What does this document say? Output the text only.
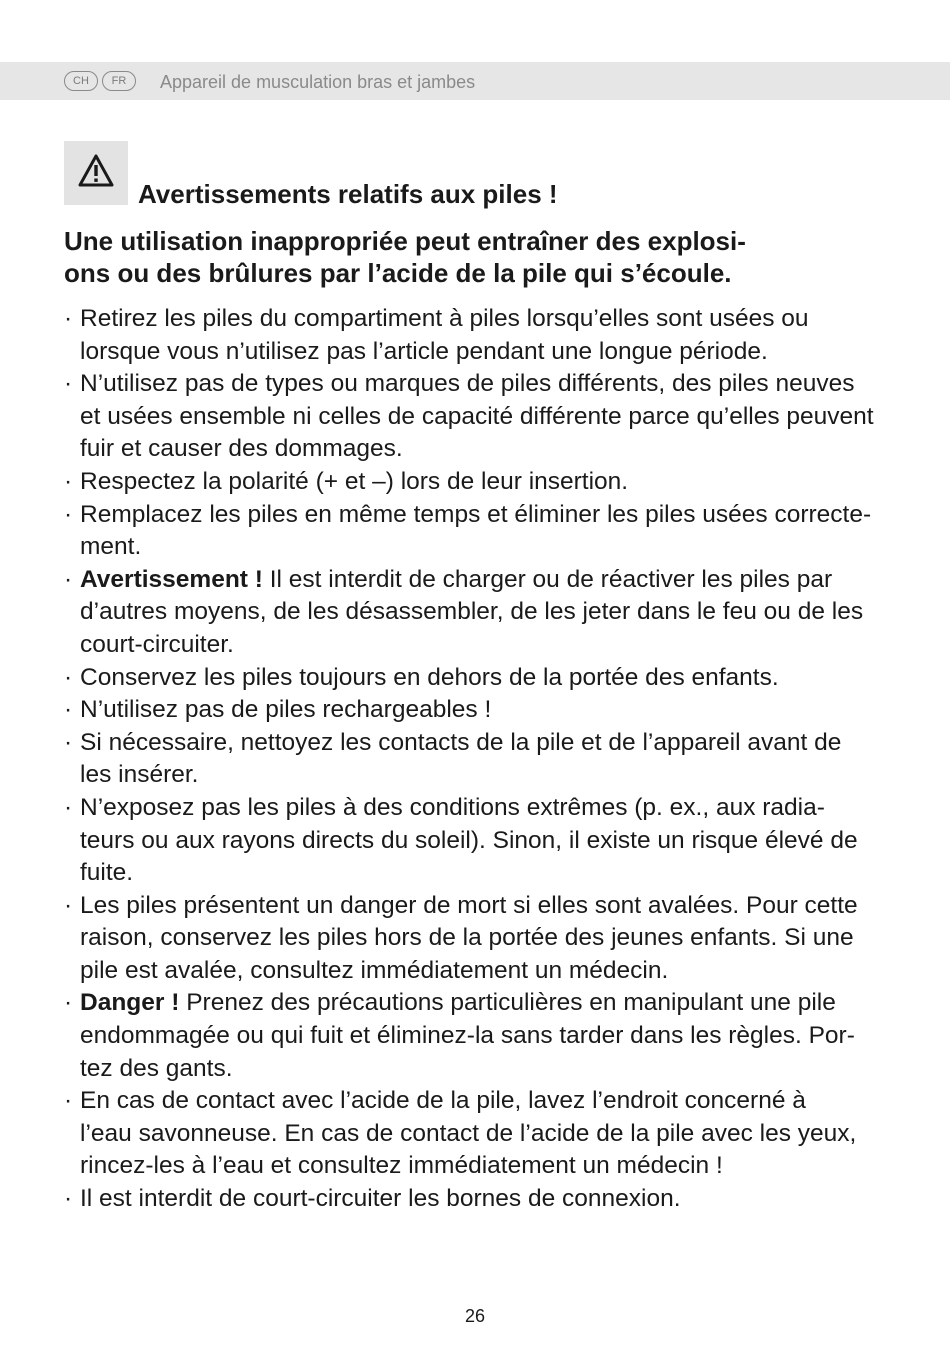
CH	FR	Appareil de musculation bras et jambes
Avertissements relatifs aux piles !

Une utilisation inappropriée peut entraîner des explosi-
ons ou des brûlures par l’acide de la pile qui s’écoule.

· Retirez les piles du compartiment à piles lorsqu’elles sont usées ou
lorsque vous n’utilisez pas l’article pendant une longue période.
· N’utilisez pas de types ou marques de piles différents, des piles neuves
et usées ensemble ni celles de capacité différente parce qu’elles peuvent
fuir et causer des dommages.
· Respectez la polarité (+ et –) lors de leur insertion.
· Remplacez les piles en même temps et éliminer les piles usées correcte-
ment.
· Avertissement ! Il est interdit de charger ou de réactiver les piles par
d’autres moyens, de les désassembler, de les jeter dans le feu ou de les
court-circuiter.
· Conservez les piles toujours en dehors de la portée des enfants.
· N’utilisez pas de piles rechargeables !
· Si nécessaire, nettoyez les contacts de la pile et de l’appareil avant de
les insérer.
· N’exposez pas les piles à des conditions extrêmes (p. ex., aux radia-
teurs ou aux rayons directs du soleil). Sinon, il existe un risque élevé de
fuite.
· Les piles présentent un danger de mort si elles sont avalées. Pour cette
raison, conservez les piles hors de la portée des jeunes enfants. Si une
pile est avalée, consultez immédiatement un médecin.
· Danger ! Prenez des précautions particulières en manipulant une pile
endommagée ou qui fuit et éliminez-la sans tarder dans les règles. Por-
tez des gants.
· En cas de contact avec l’acide de la pile, lavez l’endroit concerné à
l’eau savonneuse. En cas de contact de l’acide de la pile avec les yeux,
rincez-les à l’eau et consultez immédiatement un médecin !
· Il est interdit de court-circuiter les bornes de connexion.
26
